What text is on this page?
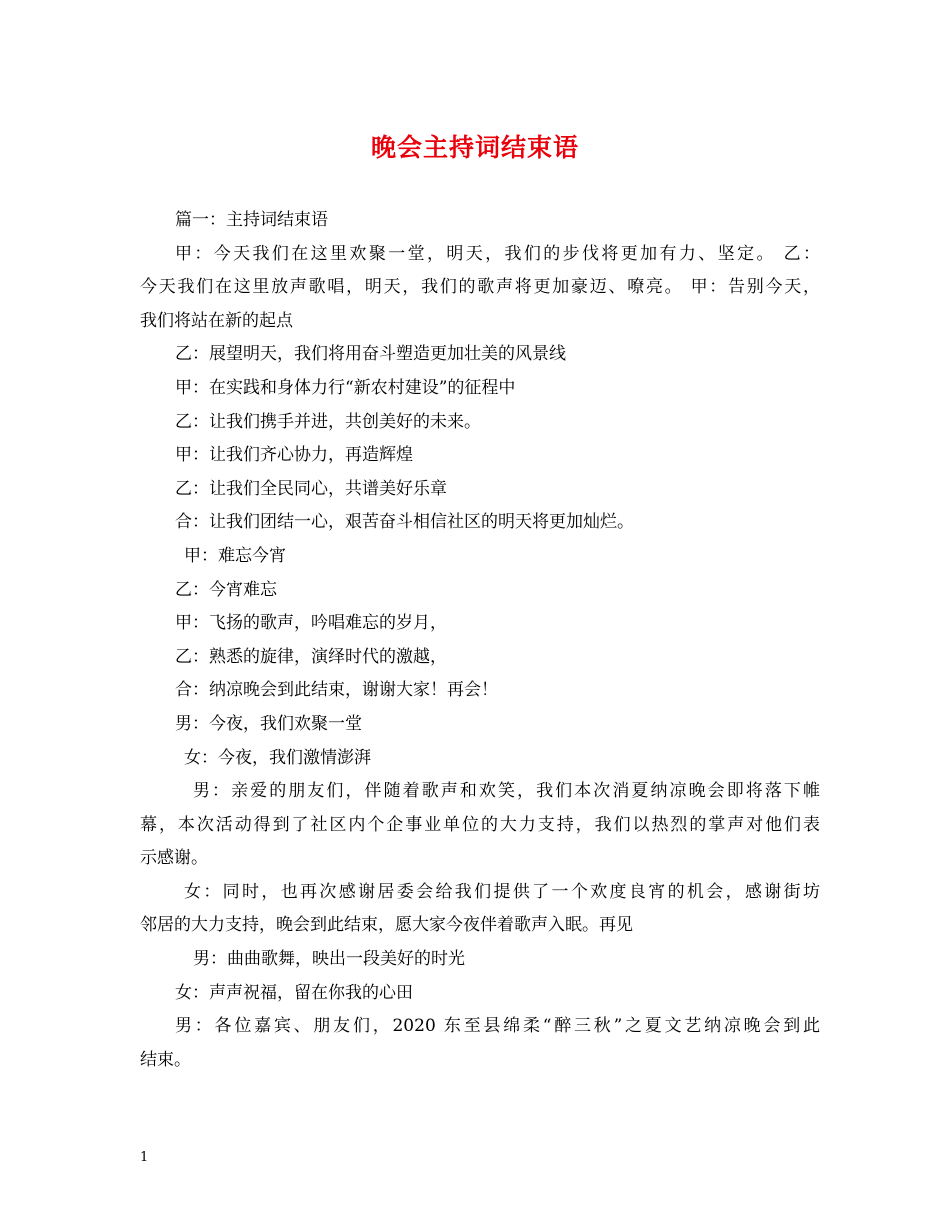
晚会主持词结束语
篇一：主持词结束语
甲：今天我们在这里欢聚一堂，明天，我们的步伐将更加有力、坚定。 乙：
今天我们在这里放声歌唱，明天，我们的歌声将更加豪迈、嘹亮。 甲：告别今天，
我们将站在新的起点
乙：展望明天，我们将用奋斗塑造更加壮美的风景线
甲：在实践和身体力行“新农村建设”的征程中
乙：让我们携手并进，共创美好的未来。
甲：让我们齐心协力，再造辉煌
乙：让我们全民同心，共谱美好乐章
合：让我们团结一心，艰苦奋斗相信社区的明天将更加灿烂。
甲：难忘今宵
乙：今宵难忘
甲：飞扬的歌声，吟唱难忘的岁月，
乙：熟悉的旋律，演绎时代的激越，
合：纳凉晚会到此结束，谢谢大家！再会！
男：今夜，我们欢聚一堂
女：今夜，我们激情澎湃
男：亲爱的朋友们，伴随着歌声和欢笑，我们本次消夏纳凉晚会即将落下帷
幕，本次活动得到了社区内个企事业单位的大力支持，我们以热烈的掌声对他们表
示感谢。
女：同时，也再次感谢居委会给我们提供了一个欢度良宵的机会，感谢街坊
邻居的大力支持，晚会到此结束，愿大家今夜伴着歌声入眠。再见
男：曲曲歌舞，映出一段美好的时光
女：声声祝福，留在你我的心田
男：各位嘉宾、朋友们，2020 东至县绵柔“醉三秋”之夏文艺纳凉晚会到此
结束。
1
